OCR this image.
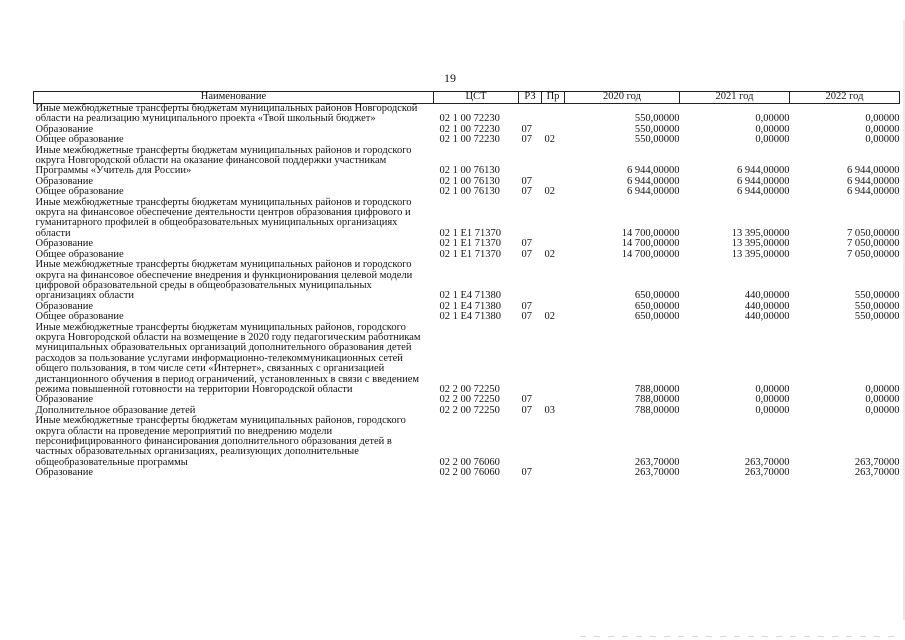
19
Наименование	ЦСТ	РЗ	Пр	2020 год	2021 год	2022 год
Иные межбюджетные трансферты бюджетам муниципальных районов Новгородской области на реализацию муниципального проекта «Твой школьный бюджет»	02 1 00 72230			550,00000	0,00000	0,00000
Образование	02 1 00 72230	07		550,00000	0,00000	0,00000
Общее образование	02 1 00 72230	07	02	550,00000	0,00000	0,00000
Иные межбюджетные трансферты бюджетам муниципальных районов и городского округа Новгородской области на оказание финансовой поддержки участникам Программы «Учитель для России»	02 1 00 76130			6 944,00000	6 944,00000	6 944,00000
Образование	02 1 00 76130	07		6 944,00000	6 944,00000	6 944,00000
Общее образование	02 1 00 76130	07	02	6 944,00000	6 944,00000	6 944,00000
Иные межбюджетные трансферты бюджетам муниципальных районов и городского округа на финансовое обеспечение деятельности центров образования цифрового и гуманитарного профилей в общеобразовательных муниципальных организациях области	02 1 Е1 71370			14 700,00000	13 395,00000	7 050,00000
Образование	02 1 Е1 71370	07		14 700,00000	13 395,00000	7 050,00000
Общее образование	02 1 Е1 71370	07	02	14 700,00000	13 395,00000	7 050,00000
Иные межбюджетные трансферты бюджетам муниципальных районов и городского округа на финансовое обеспечение внедрения и функционирования целевой модели цифровой образовательной среды в общеобразовательных муниципальных организациях области	02 1 Е4 71380			650,00000	440,00000	550,00000
Образование	02 1 Е4 71380	07		650,00000	440,00000	550,00000
Общее образование	02 1 Е4 71380	07	02	650,00000	440,00000	550,00000
Иные межбюджетные трансферты бюджетам муниципальных районов, городского округа Новгородской области на возмещение в 2020 году педагогическим работникам муниципальных образовательных организаций дополнительного образования детей расходов за пользование услугами информационно-телекоммуникационных сетей общего пользования, в том числе сети «Интернет», связанных с организацией дистанционного обучения в период ограничений, установленных в связи с введением режима повышенной готовности на территории Новгородской области	02 2 00 72250			788,00000	0,00000	0,00000
Образование	02 2 00 72250	07		788,00000	0,00000	0,00000
Дополнительное образование детей	02 2 00 72250	07	03	788,00000	0,00000	0,00000
Иные межбюджетные трансферты бюджетам муниципальных районов, городского округа области на проведение мероприятий по внедрению модели персонифицированного финансирования дополнительного образования детей в частных образовательных организациях, реализующих дополнительные общеобразовательные программы	02 2 00 76060			263,70000	263,70000	263,70000
Образование	02 2 00 76060	07		263,70000	263,70000	263,70000
